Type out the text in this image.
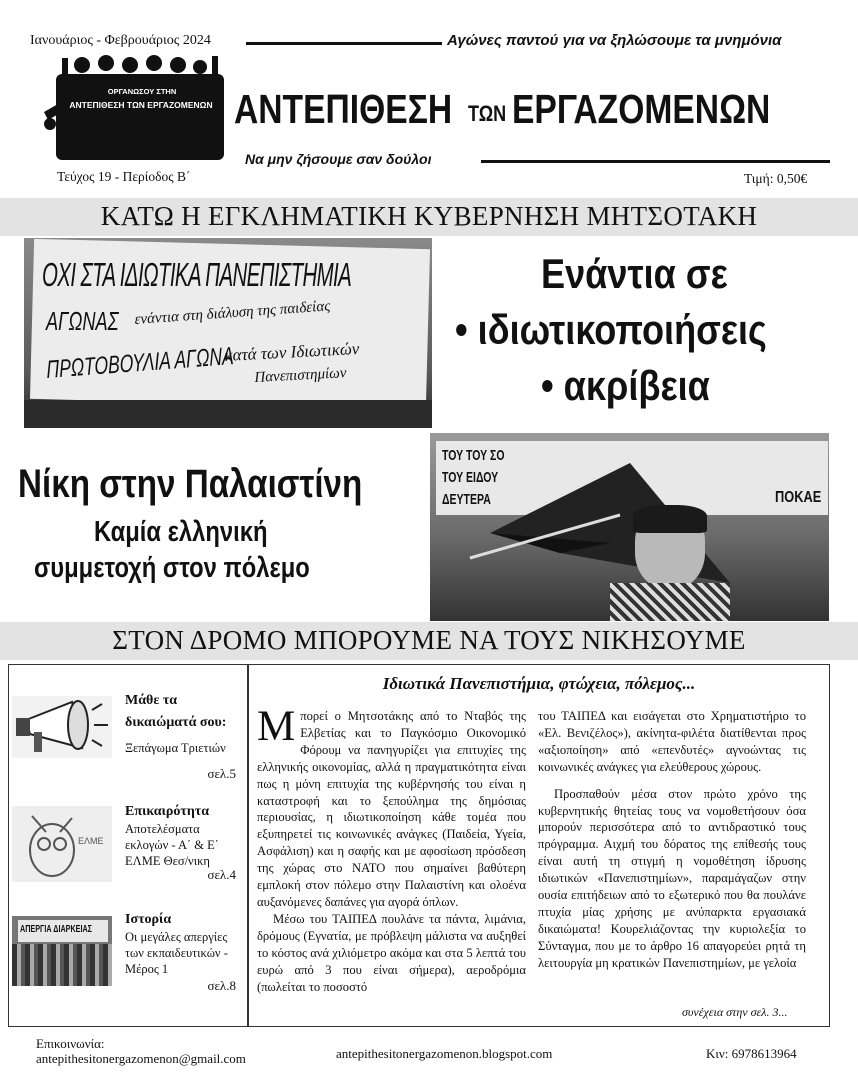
Ιανουάριος - Φεβρουάριος 2024	Αγώνες παντού για να ξηλώσουμε τα μνημόνια
ΟΡΓΑΝΩΣΟΥ ΣΤΗΝ
ΑΝΤΕΠΙΘΕΣΗ ΤΩΝ ΕΡΓΑΖΟΜΕΝΩΝ ΑΝΤΕΠΙΘΕΣΗ ΤΩΝ ΕΡΓΑΖΟΜΕΝΩΝ
Να μην ζήσουμε σαν δούλοι
Τεύχος 19 - Περίοδος Β΄	Τιμή: 0,50€
ΚΑΤΩ Η ΕΓΚΛΗΜΑΤΙΚΗ ΚΥΒΕΡΝΗΣΗ ΜΗΤΣΟΤΑΚΗ
ΟΧΙ ΣΤΑ ΙΔΙΩΤΙΚΑ ΠΑΝΕΠΙΣΤΗΜΙΑ
ΑΓΩΝΑΣ ενάντια στη διάλυση της παιδείας
ΠΡΩΤΟΒΟΥΛΙΑ ΑΓΩΝΑ
κατά των Ιδιωτικών
Πανεπιστημίων
Ενάντια σε
• ιδιωτικοποιήσεις
• ακρίβεια
ΤΟΥ ΤΟΥ ΣΟ
ΤΟΥ ΕΙΔΟΥ
ΔΕΥΤΕΡΑ	ΠΟΚΑΕ
Νίκη στην Παλαιστίνη
Καμία ελληνική
συμμετοχή στον πόλεμο
ΣΤΟΝ ΔΡΟΜΟ ΜΠΟΡΟΥΜΕ ΝΑ ΤΟΥΣ ΝΙΚΗΣΟΥΜΕ
Μάθε τα δικαιώματά σου:
Ξεπάγωμα Τριετιών
σελ.5
ΕΛΜΕ
Επικαιρότητα
Αποτελέσματα εκλογών - Α΄ & Ε΄ ΕΛΜΕ Θεσ/νικη
σελ.4
ΑΠΕΡΓΙΑ ΔΙΑΡΚΕΙΑΣ
Ιστορία
Οι μεγάλες απεργίες των εκπαιδευτικών - Μέρος 1
σελ.8
Ιδιωτικά Πανεπιστήμια, φτώχεια, πόλεμος...

Μπορεί ο Μητσοτάκης από το Νταβός της Ελβετίας και το Παγκόσμιο Οικονομικό Φόρουμ να πανηγυρίζει για επιτυχίες της ελληνικής οικονομίας, αλλά η πραγματικότητα είναι πως η μόνη επιτυχία της κυβέρνησής του είναι η καταστροφή και το ξεπούλημα της δημόσιας περιουσίας, η ιδιωτικοποίηση κάθε τομέα που εξυπηρετεί τις κοινωνικές ανάγκες (Παιδεία, Υγεία, Ασφάλιση) και η σαφής και με αφοσίωση πρόσδεση της χώρας στο ΝΑΤΟ που σημαίνει βαθύτερη εμπλοκή στον πόλεμο στην Παλαιστίνη και ολοένα αυξανόμενες δαπάνες για αγορά όπλων.

Μέσω του ΤΑΙΠΕΔ πουλάνε τα πάντα, λιμάνια, δρόμους (Εγνατία, με πρόβλεψη μάλιστα να αυξηθεί το κόστος ανά χιλιόμετρο ακόμα και στα 5 λεπτά του ευρώ από 3 που είναι σήμερα), αεροδρόμια (πωλείται το ποσοστό

του ΤΑΙΠΕΔ και εισάγεται στο Χρηματιστήριο το «Ελ. Βενιζέλος»), ακίνητα-φιλέτα διατίθενται προς «αξιοποίηση» από «επενδυτές» αγνοώντας τις κοινωνικές ανάγκες για ελεύθερους χώρους.

Προσπαθούν μέσα στον πρώτο χρόνο της κυβερνητικής θητείας τους να νομοθετήσουν όσα μπορούν περισσότερα από το αντιδραστικό τους πρόγραμμα. Αιχμή του δόρατος της επίθεσής τους είναι αυτή τη στιγμή η νομοθέτηση ίδρυσης ιδιωτικών «Πανεπιστημίων», παραμάγαζων στην ουσία επιτήδειων από το εξωτερικό που θα πουλάνε πτυχία μίας χρήσης με ανύπαρκτα εργασιακά δικαιώματα! Κουρελιάζοντας την κυριολεξία το Σύνταγμα, που με το άρθρο 16 απαγορεύει ρητά τη λειτουργία μη κρατικών Πανεπιστημίων, με γελοία

συνέχεια στην σελ. 3...
Επικοινωνία:
antepithesitonergazomenon@gmail.com	antepithesitonergazomenon.blogspot.com	Κιν: 6978613964
